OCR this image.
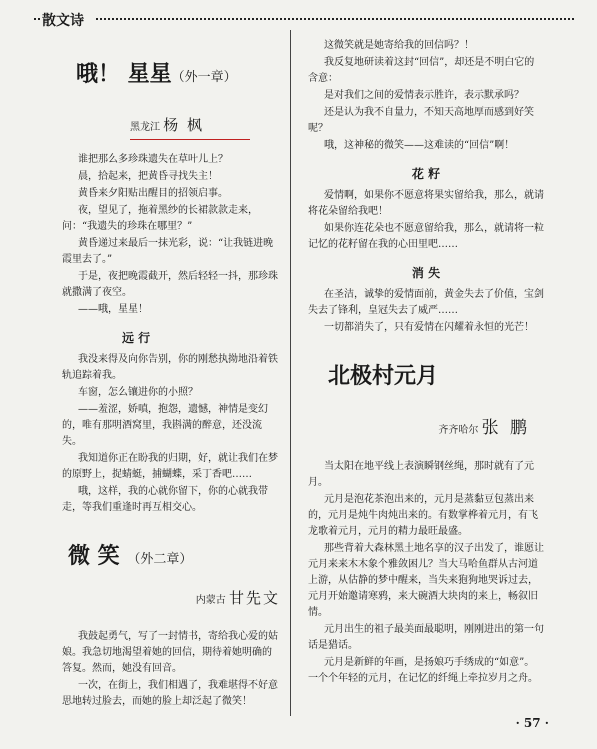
散文诗
哦！ 星星（外一章）
黑龙江 杨 枫

谁把那么多珍珠遗失在草叶儿上？

晨，拾起来，把黄昏寻找失主！

黄昏来夕阳贴出醒目的招领启事。

夜，望见了，拖着黑纱的长裙款款走来，问：“我遗失的珍珠在哪里？”

黄昏递过来最后一抹光彩，说：“让我链进晚霞里去了。”

于是，夜把晚霞截开，然后轻轻一抖，那珍珠就撒满了夜空。

——哦，星星！

远 行

我没来得及向你告别，你的刚愁执拗地沿着铁轨追踪着我。

车窗，怎么镶进你的小照？

——羞涩，娇嗔，抱怨，遗憾，神情是变幻的，唯有那明酒窝里，我斟满的醉意，还没流失。

我知道你正在盼我的归期，好，就让我们在梦的原野上，捉蜻蜓，捕蝴蝶，采丁香吧……

哦，这样，我的心就你留下，你的心就我带走，等我们重逢时再互相交心。

微 笑 （外二章）
内蒙古 甘先文

我鼓起勇气，写了一封情书，寄给我心爱的姑娘。我急切地渴望着她的回信，期待着她明确的答复。然而，她没有回音。

一次，在街上，我们相遇了，我难堪得不好意思地转过脸去，而她的脸上却泛起了微笑！

这微笑就是她寄给我的回信吗？！

我反复地研读着这封“回信”，却还是不明白它的含意：

是对我们之间的爱情表示胜许，表示默承吗？

还是认为我不自量力，不知天高地厚而感到好笑呢？

哦，这神秘的微笑——这难读的“回信”啊！

花 籽

爱情啊，如果你不愿意将果实留给我，那么，就请将花朵留给我吧！

如果你连花朵也不愿意留给我，那么，就请将一粒记忆的花籽留在我的心田里吧……

消 失

在圣洁，诚挚的爱情面前，黄金失去了价值，宝剑失去了锋利，皇冠失去了威严……

一切都消失了，只有爱情在闪耀着永恒的光芒！

北极村元月
齐齐哈尔 张 鹏

当太阳在地平线上表演瞬钢丝绳，那时就有了元月。

元月是泡花茶泡出来的，元月是蒸黏豆包蒸出来的，元月是炖牛肉炖出来的。有数掌桦着元月，有飞龙歌着元月，元月的精力最旺最盛。

那些背着大森林黑土地名享的汉子出发了，谁愿让元月来来木木象个雅敛困儿？当大马哈鱼群从古河道上游，从估静的梦中醒来，当失来狍狗地哭诉过去，元月开始邀请寒鸦，来大碗酒大块肉的来上，畅叙旧情。

元月出生的祖子最美面最聪明，刚刚进出的第一句话是猎话。

元月是新鲜的年画，是扬娘巧手绣成的“如意”。一个个年轻的元月，在记忆的纤绳上牵拉岁月之舟。

· 57 ·
